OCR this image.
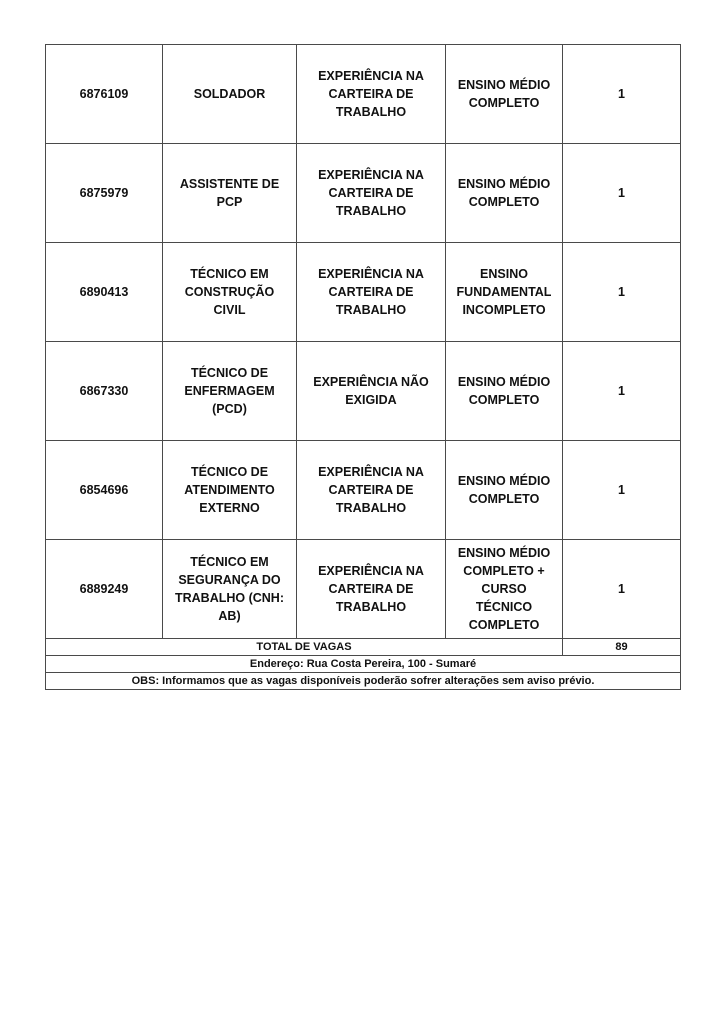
6876109	SOLDADOR	EXPERIÊNCIA NA
CARTEIRA DE
TRABALHO	ENSINO MÉDIO
COMPLETO	1
6875979	ASSISTENTE DE PCP	EXPERIÊNCIA NA
CARTEIRA DE
TRABALHO	ENSINO MÉDIO
COMPLETO	1
6890413	TÉCNICO EM
CONSTRUÇÃO CIVIL	EXPERIÊNCIA NA
CARTEIRA DE
TRABALHO	ENSINO
FUNDAMENTAL
INCOMPLETO	1
6867330	TÉCNICO DE
ENFERMAGEM (PCD)	EXPERIÊNCIA NÃO
EXIGIDA	ENSINO MÉDIO
COMPLETO	1
6854696	TÉCNICO DE
ATENDIMENTO
EXTERNO	EXPERIÊNCIA NA
CARTEIRA DE
TRABALHO	ENSINO MÉDIO
COMPLETO	1
6889249	TÉCNICO EM
SEGURANÇA DO
TRABALHO (CNH: AB)	EXPERIÊNCIA NA
CARTEIRA DE
TRABALHO	ENSINO MÉDIO
COMPLETO +
CURSO TÉCNICO
COMPLETO	1
TOTAL DE VAGAS				89
Endereço: Rua Costa Pereira, 100 - Sumaré				
OBS: Informamos que as vagas disponíveis poderão sofrer alterações sem aviso prévio.				
